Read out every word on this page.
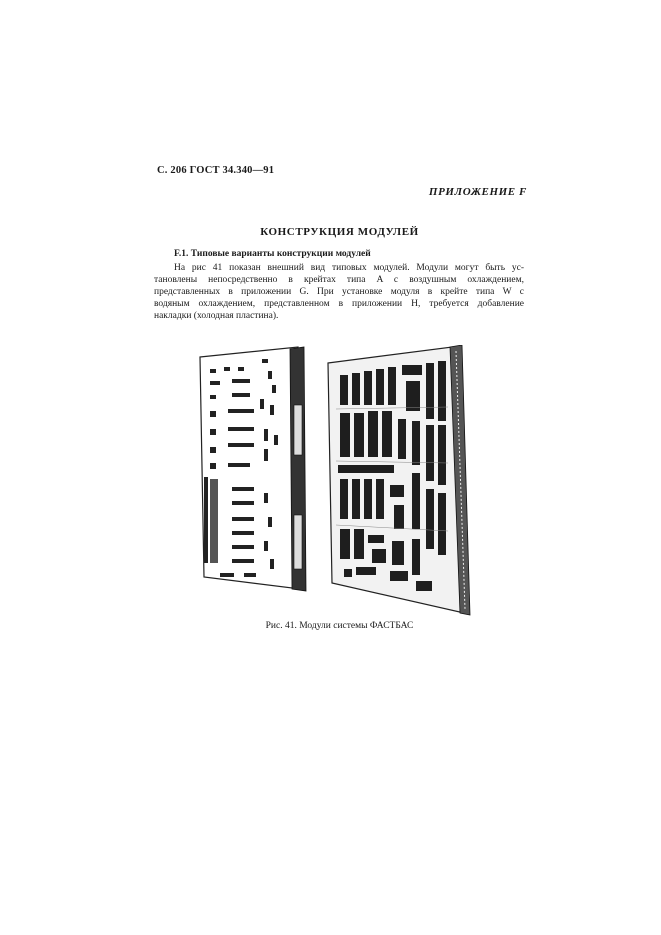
С. 206 ГОСТ 34.340—91
ПРИЛОЖЕНИЕ F
КОНСТРУКЦИЯ МОДУЛЕЙ
F.1. Типовые варианты конструкции модулей

На рис 41 показан внешний вид типовых модулей. Модули могут быть ус-
тановлены непосредственно в крейтах типа A с воздушным охлаждением,
представленных в приложении G. При установке модуля в крейте типа W с
водяным охлаждением, представленном в приложении H, требуется добавление
накладки (холодная пластина).

Рис. 41. Модули системы ФАСТБАС
